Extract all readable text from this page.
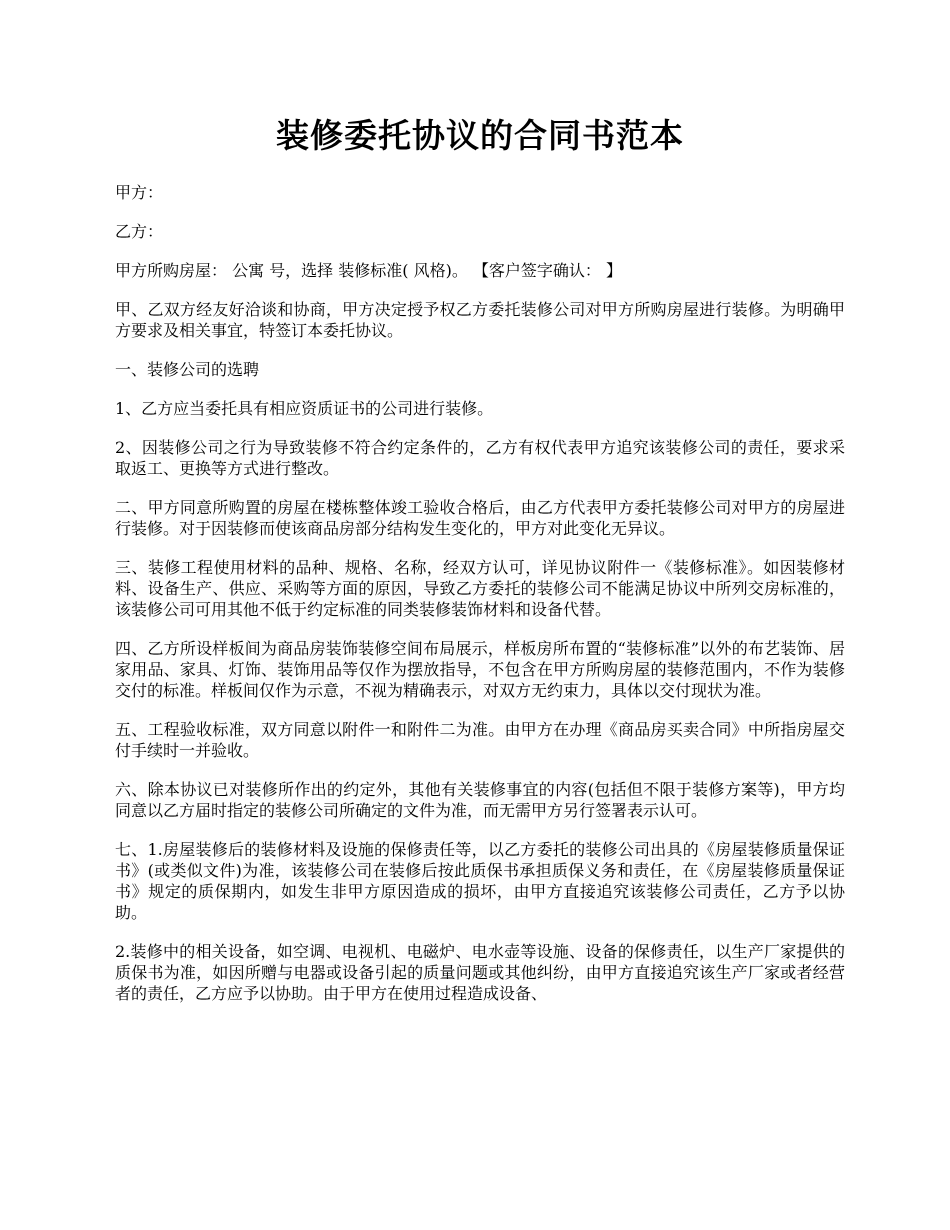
装修委托协议的合同书范本

甲方：

乙方：

甲方所购房屋： 公寓 号，选择 装修标准( 风格)。 【客户签字确认： 】

甲、乙双方经友好洽谈和协商，甲方决定授予权乙方委托装修公司对甲方所购房屋进行装修。为明确甲方要求及相关事宜，特签订本委托协议。

一、装修公司的选聘

1、乙方应当委托具有相应资质证书的公司进行装修。

2、因装修公司之行为导致装修不符合约定条件的，乙方有权代表甲方追究该装修公司的责任，要求采取返工、更换等方式进行整改。

二、甲方同意所购置的房屋在楼栋整体竣工验收合格后，由乙方代表甲方委托装修公司对甲方的房屋进行装修。对于因装修而使该商品房部分结构发生变化的，甲方对此变化无异议。

三、装修工程使用材料的品种、规格、名称，经双方认可，详见协议附件一《装修标准》。如因装修材料、设备生产、供应、采购等方面的原因，导致乙方委托的装修公司不能满足协议中所列交房标准的，该装修公司可用其他不低于约定标准的同类装修装饰材料和设备代替。

四、乙方所设样板间为商品房装饰装修空间布局展示，样板房所布置的“装修标准”以外的布艺装饰、居家用品、家具、灯饰、装饰用品等仅作为摆放指导，不包含在甲方所购房屋的装修范围内，不作为装修交付的标准。样板间仅作为示意，不视为精确表示，对双方无约束力，具体以交付现状为准。

五、工程验收标准，双方同意以附件一和附件二为准。由甲方在办理《商品房买卖合同》中所指房屋交付手续时一并验收。

六、除本协议已对装修所作出的约定外，其他有关装修事宜的内容(包括但不限于装修方案等)，甲方均同意以乙方届时指定的装修公司所确定的文件为准，而无需甲方另行签署表示认可。

七、1.房屋装修后的装修材料及设施的保修责任等，以乙方委托的装修公司出具的《房屋装修质量保证书》(或类似文件)为准，该装修公司在装修后按此质保书承担质保义务和责任，在《房屋装修质量保证书》规定的质保期内，如发生非甲方原因造成的损坏，由甲方直接追究该装修公司责任，乙方予以协助。

2.装修中的相关设备，如空调、电视机、电磁炉、电水壶等设施、设备的保修责任，以生产厂家提供的质保书为准，如因所赠与电器或设备引起的质量问题或其他纠纷，由甲方直接追究该生产厂家或者经营者的责任，乙方应予以协助。由于甲方在使用过程造成设备、
